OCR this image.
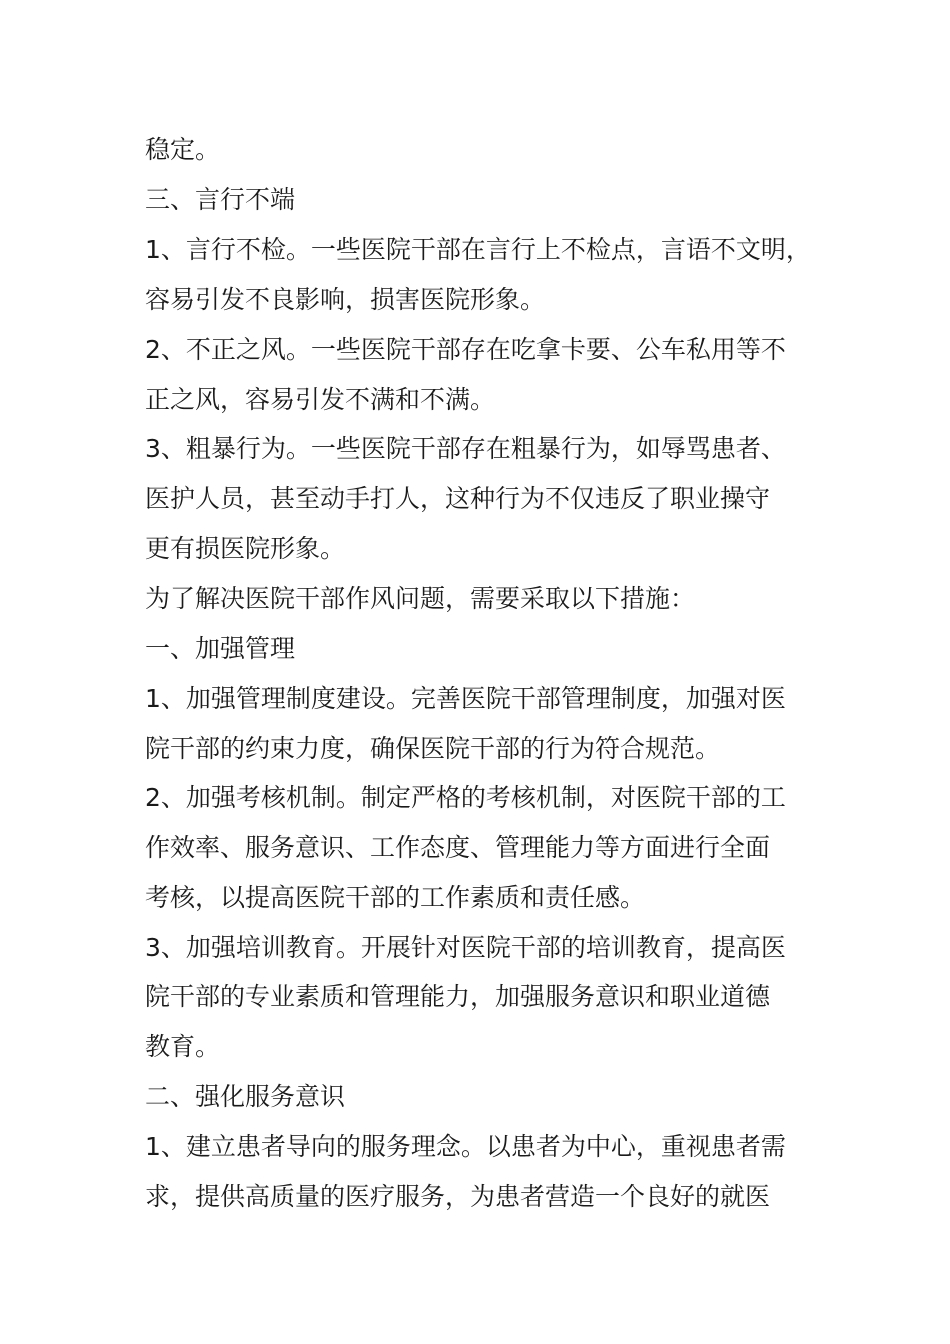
稳定。
三、言行不端
1、言行不检。一些医院干部在言行上不检点，言语不文明，
容易引发不良影响，损害医院形象。
2、不正之风。一些医院干部存在吃拿卡要、公车私用等不
正之风，容易引发不满和不满。
3、粗暴行为。一些医院干部存在粗暴行为，如辱骂患者、
医护人员，甚至动手打人，这种行为不仅违反了职业操守
更有损医院形象。
为了解决医院干部作风问题，需要采取以下措施：
一、加强管理
1、加强管理制度建设。完善医院干部管理制度，加强对医
院干部的约束力度，确保医院干部的行为符合规范。
2、加强考核机制。制定严格的考核机制，对医院干部的工
作效率、服务意识、工作态度、管理能力等方面进行全面
考核，以提高医院干部的工作素质和责任感。
3、加强培训教育。开展针对医院干部的培训教育，提高医
院干部的专业素质和管理能力，加强服务意识和职业道德
教育。
二、强化服务意识
1、建立患者导向的服务理念。以患者为中心，重视患者需
求，提供高质量的医疗服务，为患者营造一个良好的就医
